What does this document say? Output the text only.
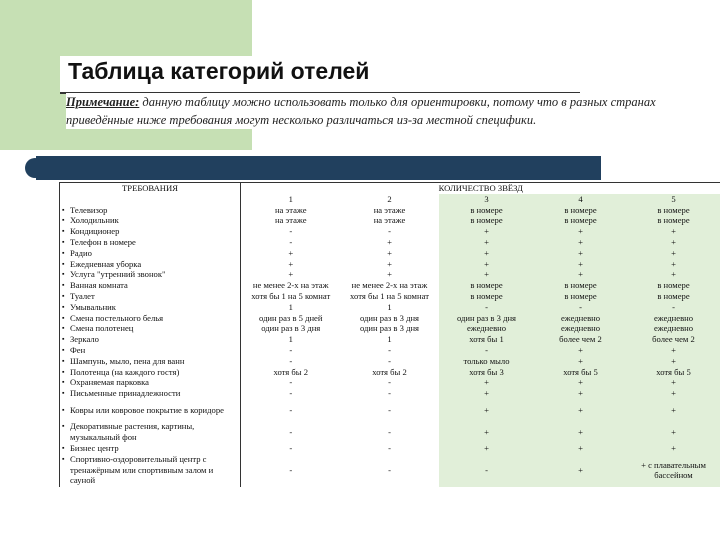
Таблица категорий отелей

Примечание: данную таблицу можно использовать только для ориентировки, потому что в разных странах приведённые ниже требования могут несколько различаться из-за местной специфики.

ТРЕБОВАНИЯ	КОЛИЧЕСТВО ЗВЁЗД				
	1	2	3	4	5
▪ Телевизор	на этаже	на этаже	в номере	в номере	в номере
▪ Холодильник	на этаже	на этаже	в номере	в номере	в номере
▪ Кондиционер	-	-	+	+	+
▪ Телефон в номере	-	+	+	+	+
▪ Радио	+	+	+	+	+
▪ Ежедневная уборка	+	+	+	+	+
▪ Услуга "утренний звонок"	+	+	+	+	+
▪ Ванная комната	не менее 2-х на этаж	не менее 2-х на этаж	в номере	в номере	в номере
▪ Туалет	хотя бы 1 на 5 комнат	хотя бы 1 на 5 комнат	в номере	в номере	в номере
▪ Умывальник	1	1	-	-	-
▪ Смена постельного белья	один раз в 5 дней	один раз в 3 дня	один раз в 3 дня	ежедневно	ежедневно
▪ Смена полотенец	один раз в 3 дня	один раз в 3 дня	ежедневно	ежедневно	ежедневно
▪ Зеркало	1	1	хотя бы 1	более чем 2	более чем 2
▪ Фен	-	-	-	+	+
▪ Шампунь, мыло, пена для ванн	-	-	только мыло	+	+
▪ Полотенца (на каждого гостя)	хотя бы 2	хотя бы 2	хотя бы 3	хотя бы 5	хотя бы 5
▪ Охраняемая парковка	-	-	+	+	+
▪ Письменные принадлежности	-	-	+	+	+
▪ Ковры или ковровое покрытие в коридоре	-	-	+	+	+
▪ Декоративные растения, картины, музыкальный фон	-	-	+	+	+
▪ Бизнес центр	-	-	+	+	+
▪ Спортивно-оздоровительный центр с тренажёрным или спортивным залом и сауной	-	-	-	+	+ с плавательным бассейном
